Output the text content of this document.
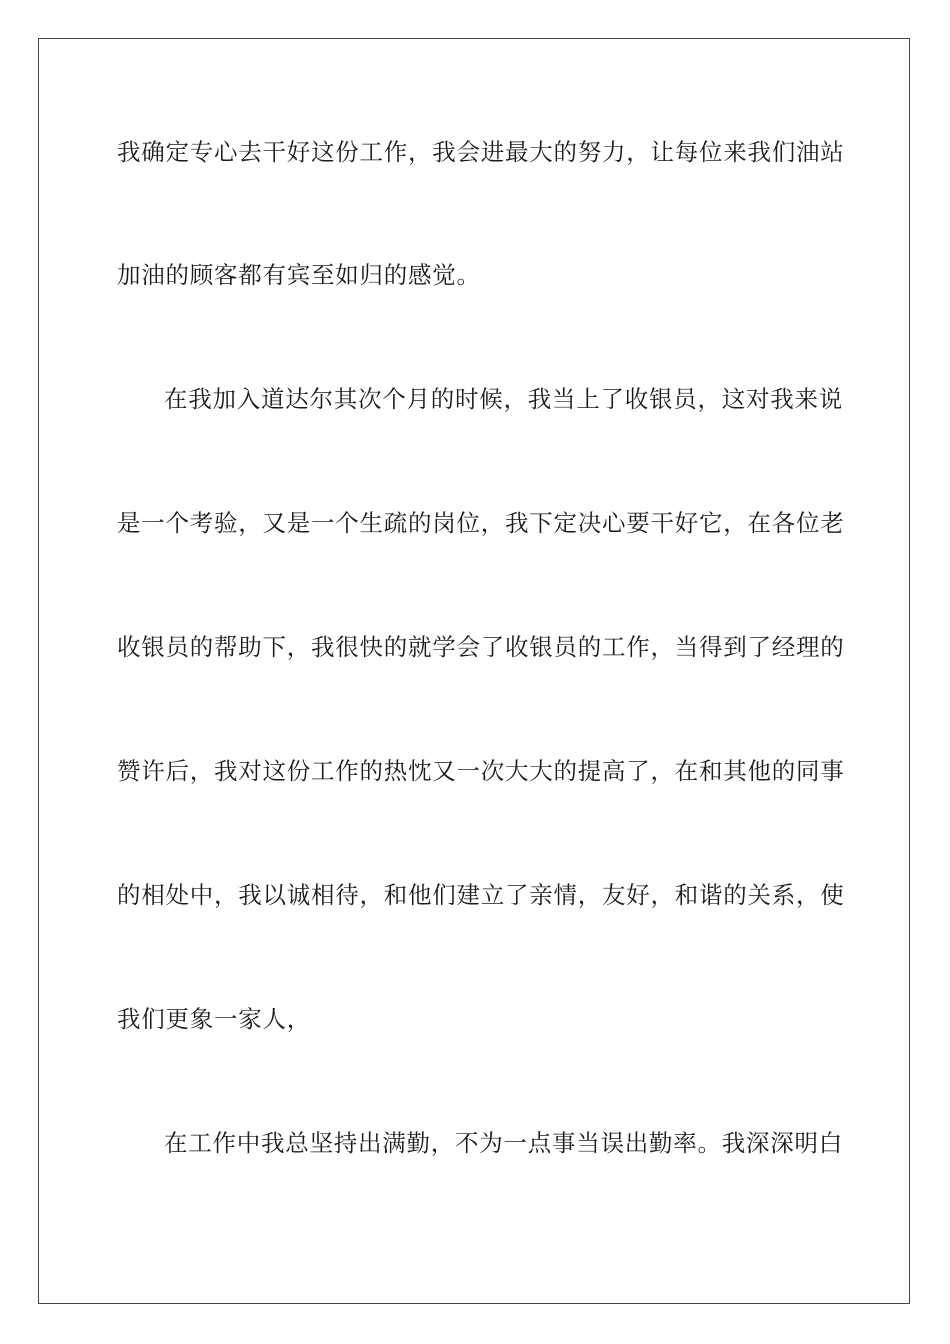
我确定专心去干好这份工作，我会进最大的努力，让每位来我们油站
加油的顾客都有宾至如归的感觉。
在我加入道达尔其次个月的时候，我当上了收银员，这对我来说
是一个考验，又是一个生疏的岗位，我下定决心要干好它，在各位老
收银员的帮助下，我很快的就学会了收银员的工作，当得到了经理的
赞许后，我对这份工作的热忱又一次大大的提高了，在和其他的同事
的相处中，我以诚相待，和他们建立了亲情，友好，和谐的关系，使
我们更象一家人，
在工作中我总坚持出满勤，不为一点事当误出勤率。我深深明白
